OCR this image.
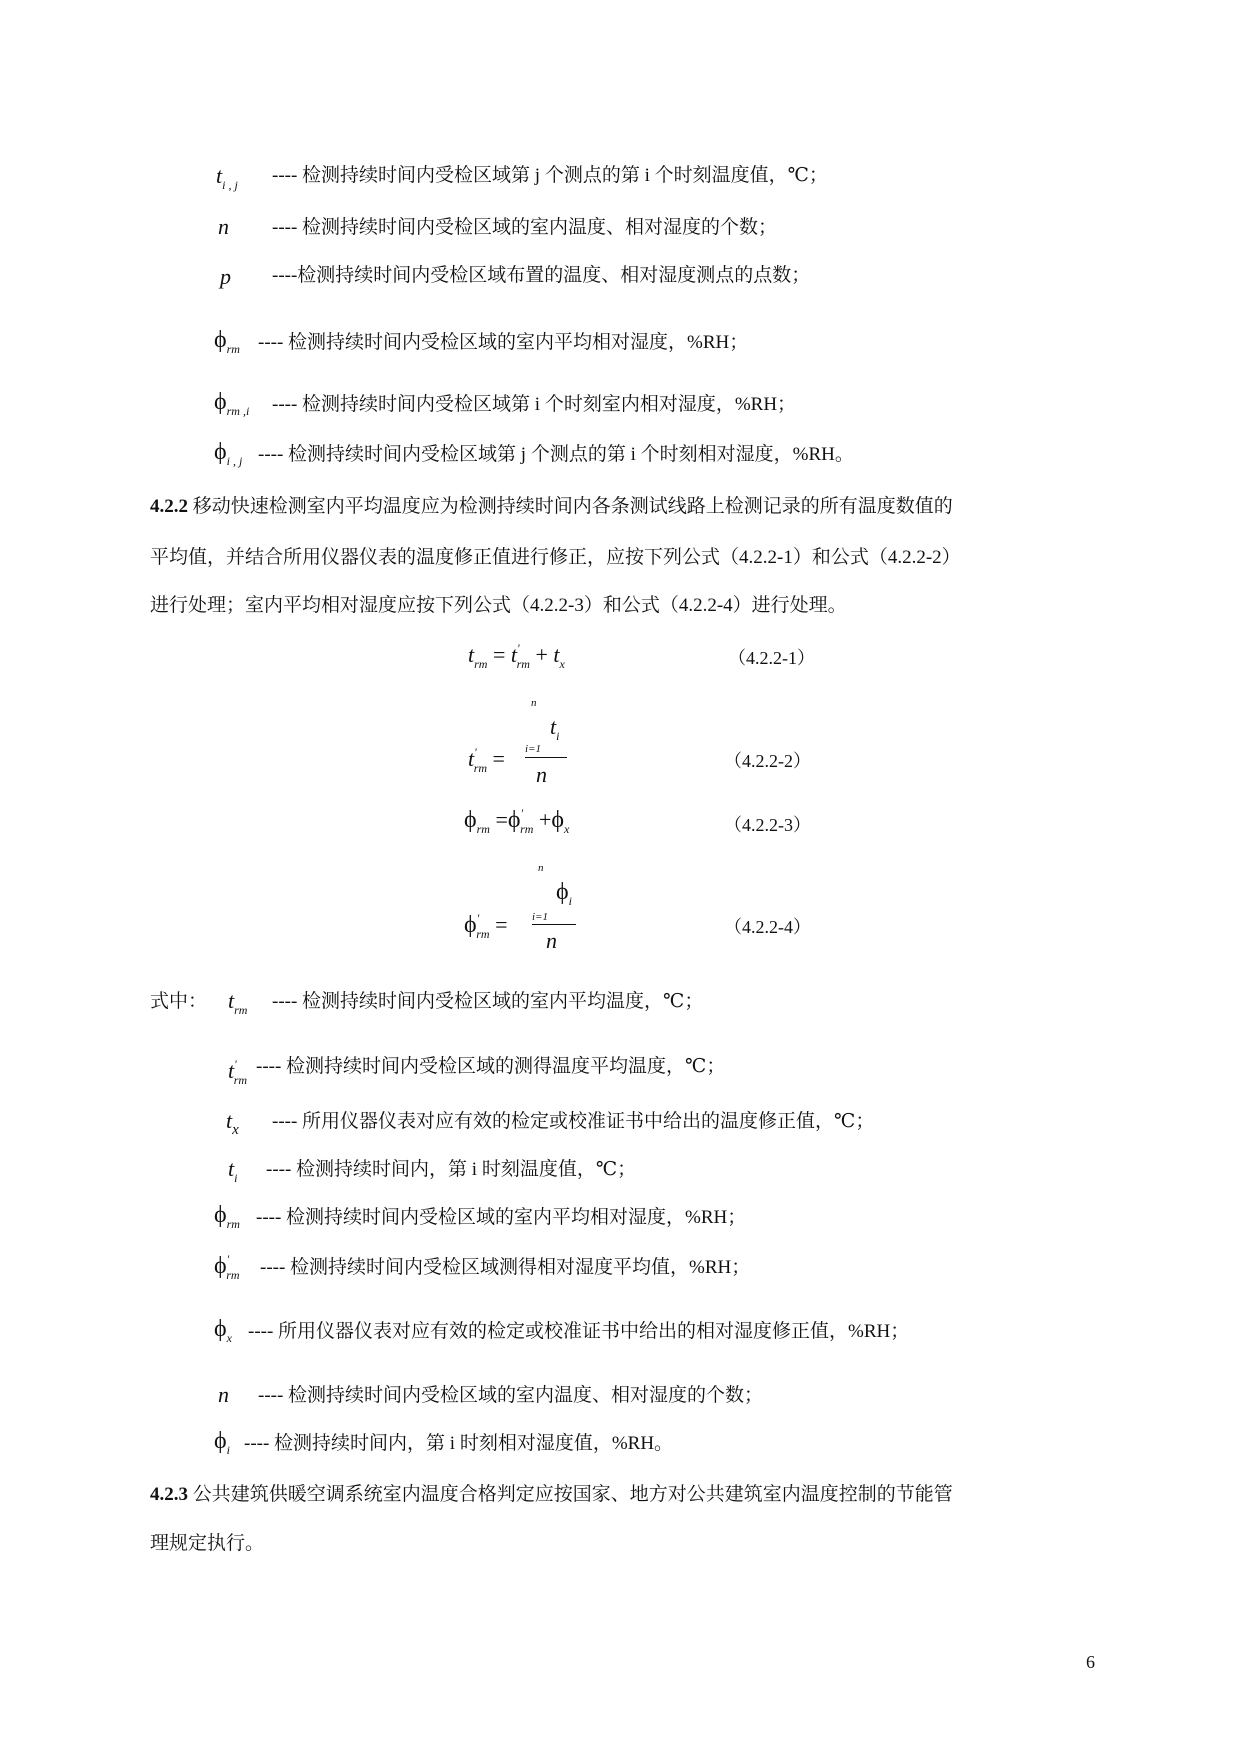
$t_{i , j}$ ---- 检测持续时间内受检区域第 j 个测点的第 i 个时刻温度值，℃；
n ---- 检测持续时间内受检区域的室内温度、相对湿度的个数；
p ----检测持续时间内受检区域布置的温度、相对湿度测点的点数；
$\phi_{rm}$ ---- 检测持续时间内受检区域的室内平均相对湿度，%RH；
$\phi_{rm ,i}$ ---- 检测持续时间内受检区域第 i 个时刻室内相对湿度，%RH；
$\phi_{i , j}$ ---- 检测持续时间内受检区域第 j 个测点的第 i 个时刻相对湿度，%RH。
4.2.2 移动快速检测室内平均温度应为检测持续时间内各条测试线路上检测记录的所有温度数值的
平均值，并结合所用仪器仪表的温度修正值进行修正，应按下列公式（4.2.2-1）和公式（4.2.2-2）
进行处理；室内平均相对湿度应按下列公式（4.2.2-3）和公式（4.2.2-4）进行处理。
$t_{rm} = t'_{rm} + t_x$	（4.2.2-1）
n
$t_i$
$t'_{rm} = i=1$
n
（4.2.2-2）
$\phi_{rm} =\phi'_{rm} +\phi_x$	（4.2.2-3）
n
$\phi_i$
$\phi'_{rm} = i=1$
n
（4.2.2-4）
式中： $t_{rm}$ ---- 检测持续时间内受检区域的室内平均温度，℃；
$t'_{rm}$
---- 检测持续时间内受检区域的测得温度平均温度，℃；
$t_x$ ---- 所用仪器仪表对应有效的检定或校准证书中给出的温度修正值，℃；
$t_i$ ---- 检测持续时间内，第 i 时刻温度值，℃；
$\phi_{rm}$ ---- 检测持续时间内受检区域的室内平均相对湿度，%RH；
$\phi'_{rm}$ ---- 检测持续时间内受检区域测得相对湿度平均值，%RH；
$\phi_x$ ---- 所用仪器仪表对应有效的检定或校准证书中给出的相对湿度修正值，%RH；
n ---- 检测持续时间内受检区域的室内温度、相对湿度的个数；
$\phi_i$ ---- 检测持续时间内，第 i 时刻相对湿度值，%RH。
4.2.3 公共建筑供暖空调系统室内温度合格判定应按国家、地方对公共建筑室内温度控制的节能管
理规定执行。
6
